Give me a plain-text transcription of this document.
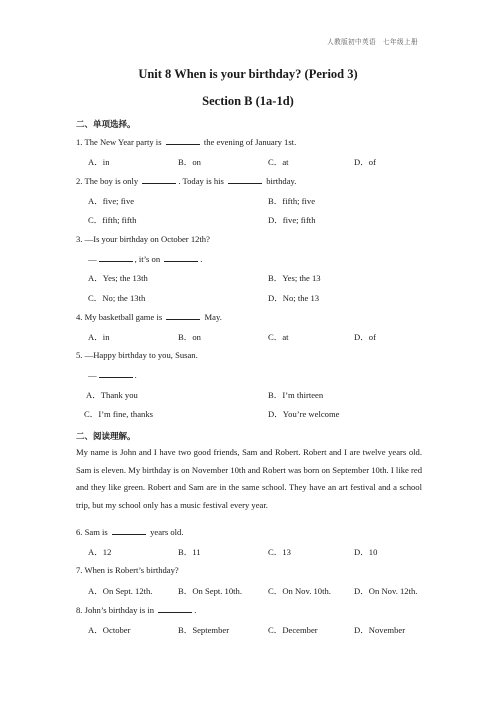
人教版初中英语　七年级上册
Unit 8 When is your birthday? (Period 3)
Section B (1a-1d)
二、单项选择。
1. The New Year party is	the evening of January 1st.
A．in	B．on	C．at	D．of
2. The boy is only	. Today is his	birthday.
A．five; five	B．fifth; five
C．fifth; fifth	D．five; fifth
3. —Is your birthday on October 12th?
—	, it’s on	.
A．Yes; the 13th	B．Yes; the 13
C．No; the 13th	D．No; the 13
4. My basketball game is	May.
A．in	B．on	C．at	D．of
5. —Happy birthday to you, Susan.
—	.
A．Thank you	B．I’m thirteen
C．I’m fine, thanks	D．You’re welcome
二、阅读理解。
My name is John and I have two good friends, Sam and Robert. Robert and I are twelve years old. Sam is eleven. My birthday is on November 10th and Robert was born on September 10th. I like red and they like green. Robert and Sam are in the same school. They have an art festival and a school trip, but my school only has a music festival every year.
6. Sam is	years old.
A．12	B．11	C．13	D．10
7. When is Robert’s birthday?
A．On Sept. 12th.	B．On Sept. 10th.	C．On Nov. 10th.	D．On Nov. 12th.
8. John’s birthday is in	.
A．October	B．September	C．December	D．November
